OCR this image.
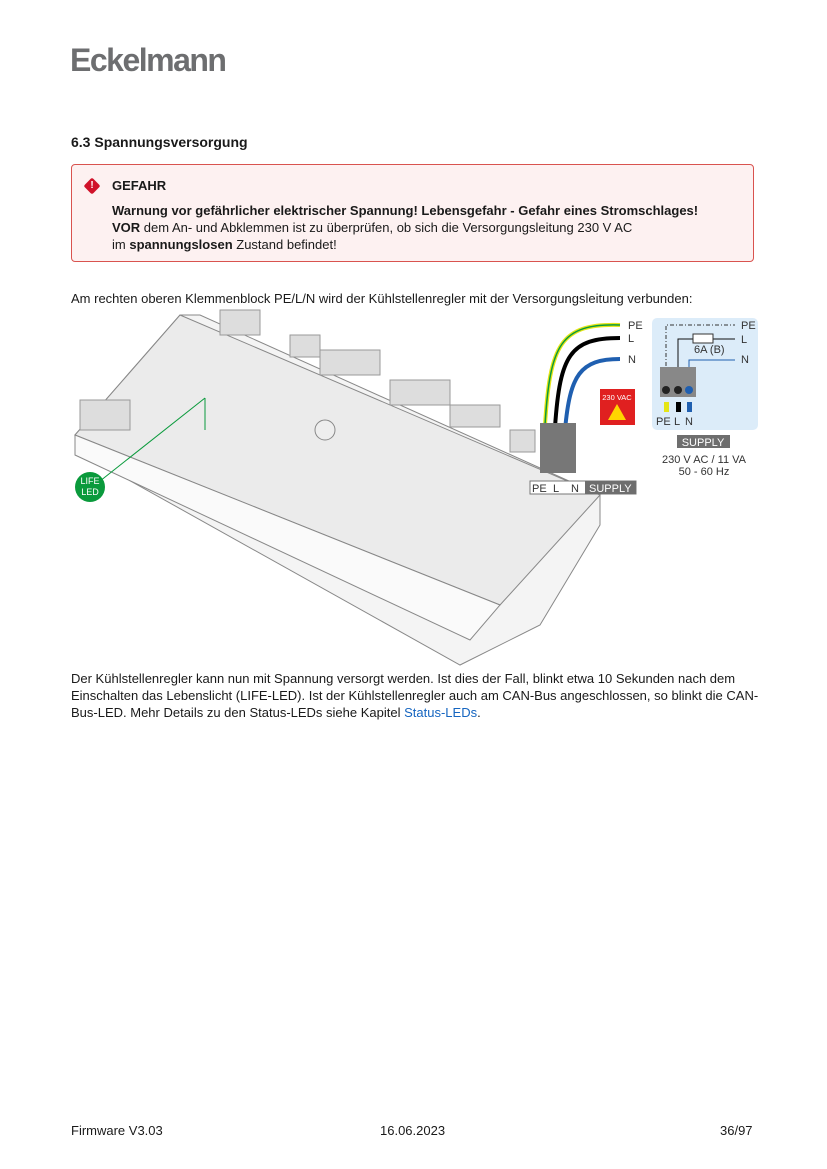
Eckelmann
6.3 Spannungsversorgung
!	GEFAHR
Warnung vor gefährlicher elektrischer Spannung! Lebensgefahr - Gefahr eines Stromschlages!
VOR dem An- und Abklemmen ist zu überprüfen, ob sich die Versorgungsleitung 230 V AC
im spannungslosen Zustand befindet!

Am rechten oberen Klemmenblock PE/L/N wird der Kühlstellenregler mit der Versorgungsleitung verbunden:

LIFE
LED
PE
L
N
230 VAC
PE L N SUPPLY
6A (B)
PE
L
N
PE L N
SUPPLY
230 V AC / 11 VA
50 - 60 Hz

Der Kühlstellenregler kann nun mit Spannung versorgt werden. Ist dies der Fall, blinkt etwa 10 Sekunden nach dem Einschalten das Lebenslicht (LIFE-LED). Ist der Kühlstellenregler auch am CAN-Bus angeschlossen, so blinkt die CAN-Bus-LED. Mehr Details zu den Status-LEDs siehe Kapitel Status-LEDs.

Firmware V3.03	16.06.2023	36/97
